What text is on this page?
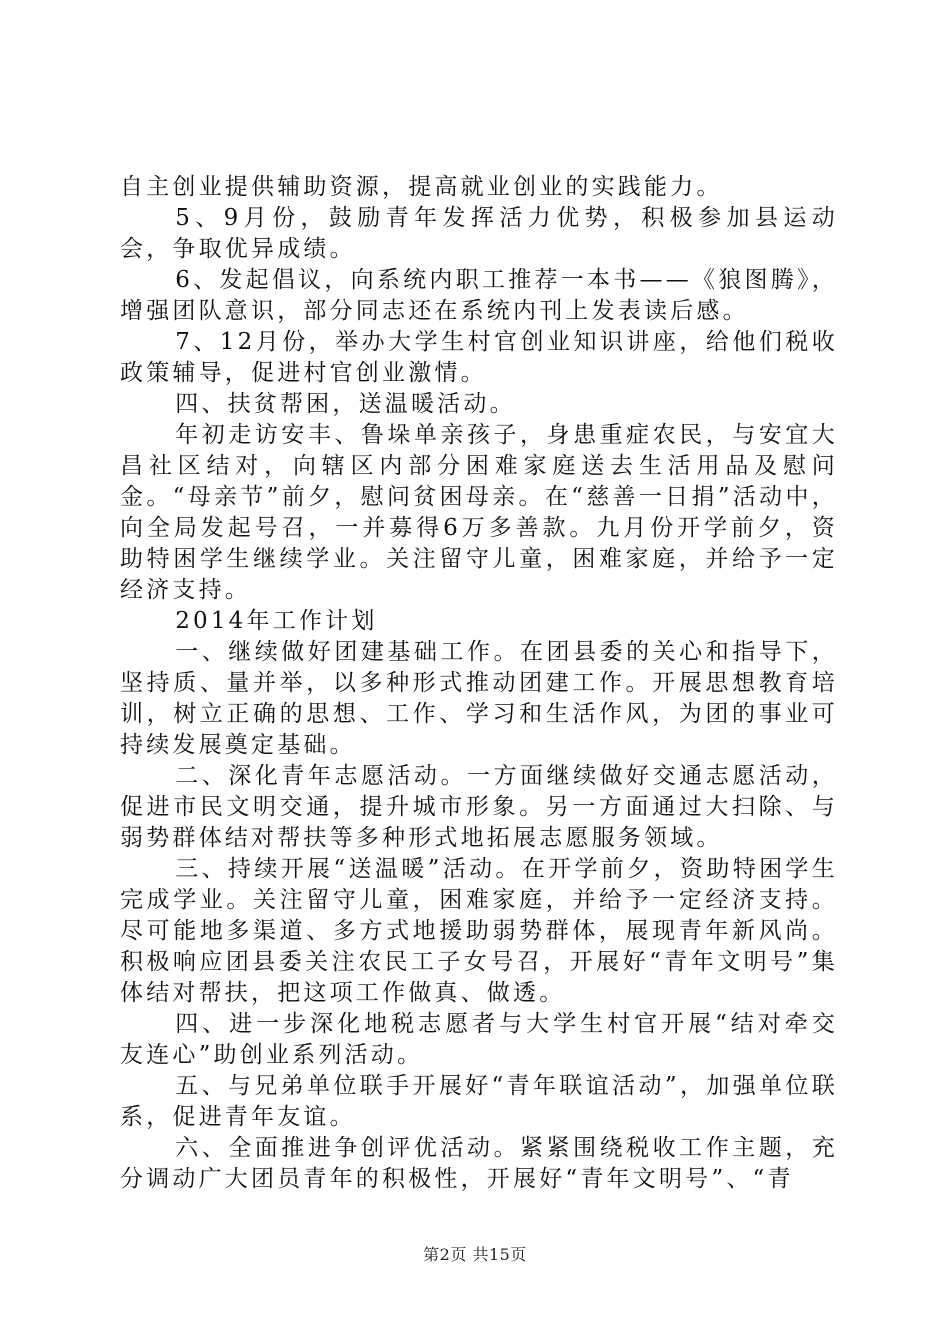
自主创业提供辅助资源，提高就业创业的实践能力。

5、9月份，鼓励青年发挥活力优势，积极参加县运动会，争取优异成绩。

6、发起倡议，向系统内职工推荐一本书——《狼图腾》，增强团队意识，部分同志还在系统内刊上发表读后感。

7、12月份，举办大学生村官创业知识讲座，给他们税收政策辅导，促进村官创业激情。

四、扶贫帮困，送温暖活动。

年初走访安丰、鲁垛单亲孩子，身患重症农民，与安宜大昌社区结对，向辖区内部分困难家庭送去生活用品及慰问金。“母亲节”前夕，慰问贫困母亲。在“慈善一日捐”活动中，向全局发起号召，一并募得6万多善款。九月份开学前夕，资助特困学生继续学业。关注留守儿童，困难家庭，并给予一定经济支持。

2014年工作计划

一、继续做好团建基础工作。在团县委的关心和指导下，坚持质、量并举，以多种形式推动团建工作。开展思想教育培训，树立正确的思想、工作、学习和生活作风，为团的事业可持续发展奠定基础。

二、深化青年志愿活动。一方面继续做好交通志愿活动，促进市民文明交通，提升城市形象。另一方面通过大扫除、与弱势群体结对帮扶等多种形式地拓展志愿服务领域。

三、持续开展“送温暖”活动。在开学前夕，资助特困学生完成学业。关注留守儿童，困难家庭，并给予一定经济支持。尽可能地多渠道、多方式地援助弱势群体，展现青年新风尚。积极响应团县委关注农民工子女号召，开展好“青年文明号”集体结对帮扶，把这项工作做真、做透。

四、进一步深化地税志愿者与大学生村官开展“结对牵交友连心”助创业系列活动。

五、与兄弟单位联手开展好“青年联谊活动”，加强单位联系，促进青年友谊。

六、全面推进争创评优活动。紧紧围绕税收工作主题，充分调动广大团员青年的积极性，开展好“青年文明号”、“青

第2页 共15页
